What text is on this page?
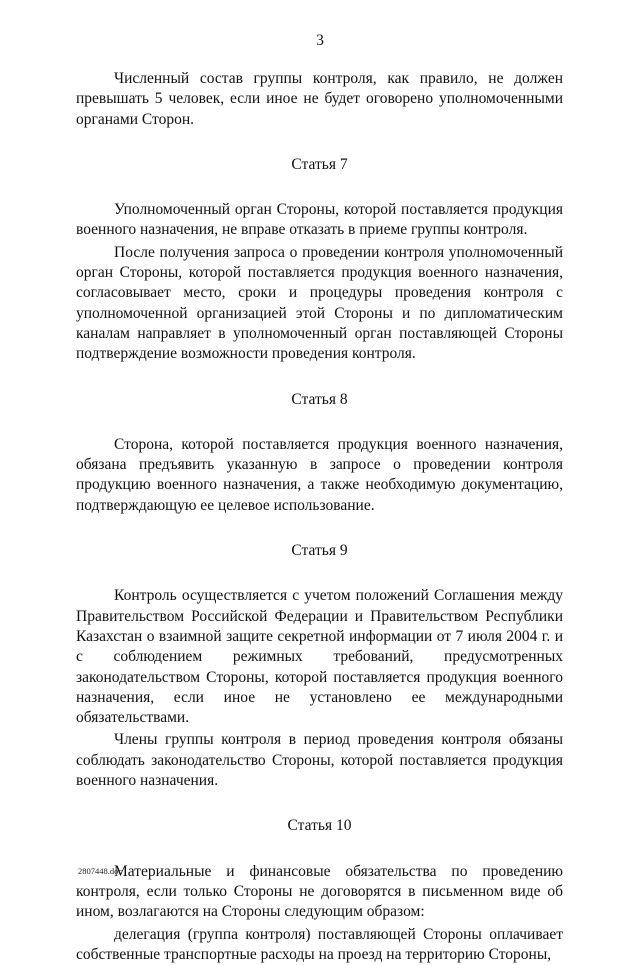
3

Численный состав группы контроля, как правило, не должен превышать 5 человек, если иное не будет оговорено уполномоченными органами Сторон.

Статья 7

Уполномоченный орган Стороны, которой поставляется продукция военного назначения, не вправе отказать в приеме группы контроля.

После получения запроса о проведении контроля уполномоченный орган Стороны, которой поставляется продукция военного назначения, согласовывает место, сроки и процедуры проведения контроля с уполномоченной организацией этой Стороны и по дипломатическим каналам направляет в уполномоченный орган поставляющей Стороны подтверждение возможности проведения контроля.

Статья 8

Сторона, которой поставляется продукция военного назначения, обязана предъявить указанную в запросе о проведении контроля продукцию военного назначения, а также необходимую документацию, подтверждающую ее целевое использование.

Статья 9

Контроль осуществляется с учетом положений Соглашения между Правительством Российской Федерации и Правительством Республики Казахстан о взаимной защите секретной информации от 7 июля 2004 г. и с соблюдением режимных требований, предусмотренных законодательством Стороны, которой поставляется продукция военного назначения, если иное не установлено ее международными обязательствами.

Члены группы контроля в период проведения контроля обязаны соблюдать законодательство Стороны, которой поставляется продукция военного назначения.

Статья 10

Материальные и финансовые обязательства по проведению контроля, если только Стороны не договорятся в письменном виде об ином, возлагаются на Стороны следующим образом:

делегация (группа контроля) поставляющей Стороны оплачивает собственные транспортные расходы на проезд на территорию Стороны,

2807448.doc
